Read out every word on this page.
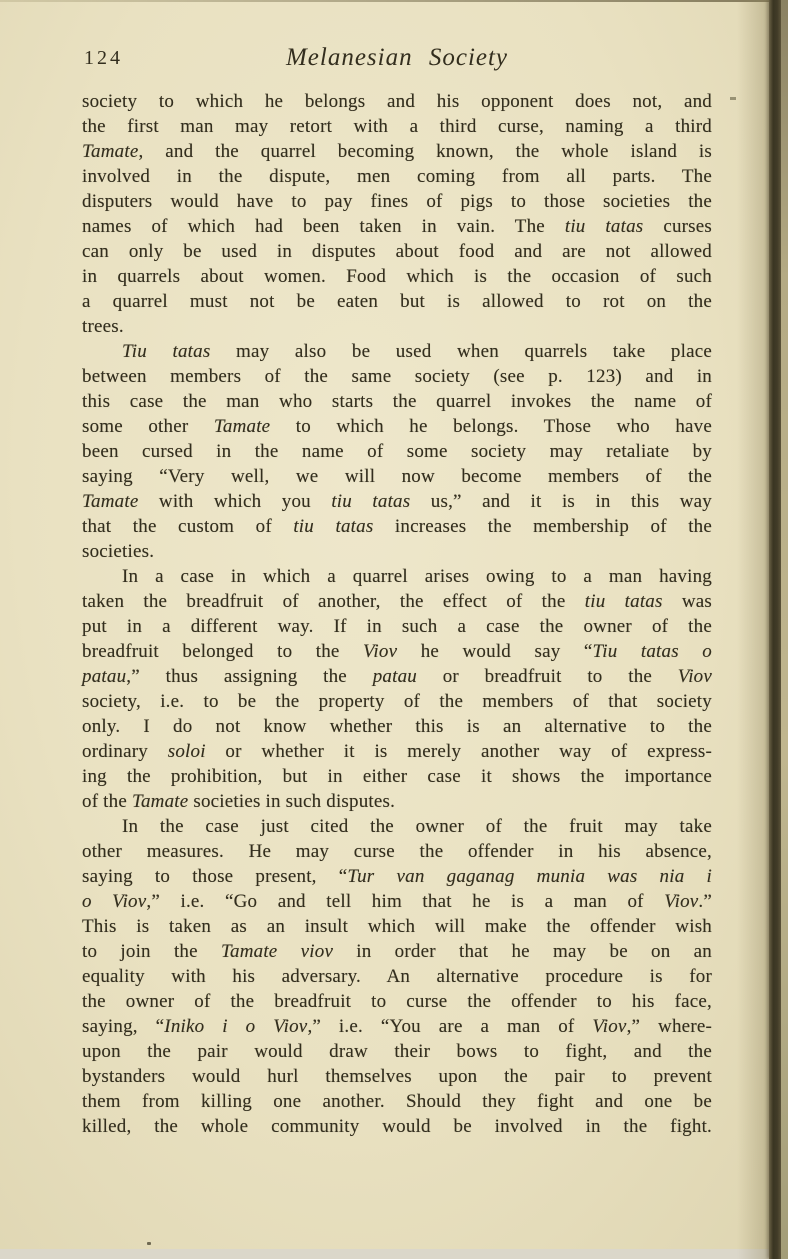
124	Melanesian Society
society to which he belongs and his opponent does not, and
the first man may retort with a third curse, naming a third
Tamate, and the quarrel becoming known, the whole island is
involved in the dispute, men coming from all parts. The
disputers would have to pay fines of pigs to those societies the
names of which had been taken in vain. The tiu tatas curses
can only be used in disputes about food and are not allowed
in quarrels about women. Food which is the occasion of such
a quarrel must not be eaten but is allowed to rot on the
trees.
Tiu tatas may also be used when quarrels take place
between members of the same society (see p. 123) and in
this case the man who starts the quarrel invokes the name of
some other Tamate to which he belongs. Those who have
been cursed in the name of some society may retaliate by
saying “Very well, we will now become members of the
Tamate with which you tiu tatas us,” and it is in this way
that the custom of tiu tatas increases the membership of the
societies.
In a case in which a quarrel arises owing to a man having
taken the breadfruit of another, the effect of the tiu tatas was
put in a different way. If in such a case the owner of the
breadfruit belonged to the Viov he would say “Tiu tatas o
patau,” thus assigning the patau or breadfruit to the Viov
society, i.e. to be the property of the members of that society
only. I do not know whether this is an alternative to the
ordinary soloi or whether it is merely another way of express-
ing the prohibition, but in either case it shows the importance
of the Tamate societies in such disputes.
In the case just cited the owner of the fruit may take
other measures. He may curse the offender in his absence,
saying to those present, “Tur van gaganag munia was nia i
o Viov,” i.e. “Go and tell him that he is a man of Viov.”
This is taken as an insult which will make the offender wish
to join the Tamate viov in order that he may be on an
equality with his adversary. An alternative procedure is for
the owner of the breadfruit to curse the offender to his face,
saying, “Iniko i o Viov,” i.e. “You are a man of Viov,” where-
upon the pair would draw their bows to fight, and the
bystanders would hurl themselves upon the pair to prevent
them from killing one another. Should they fight and one be
killed, the whole community would be involved in the fight.
